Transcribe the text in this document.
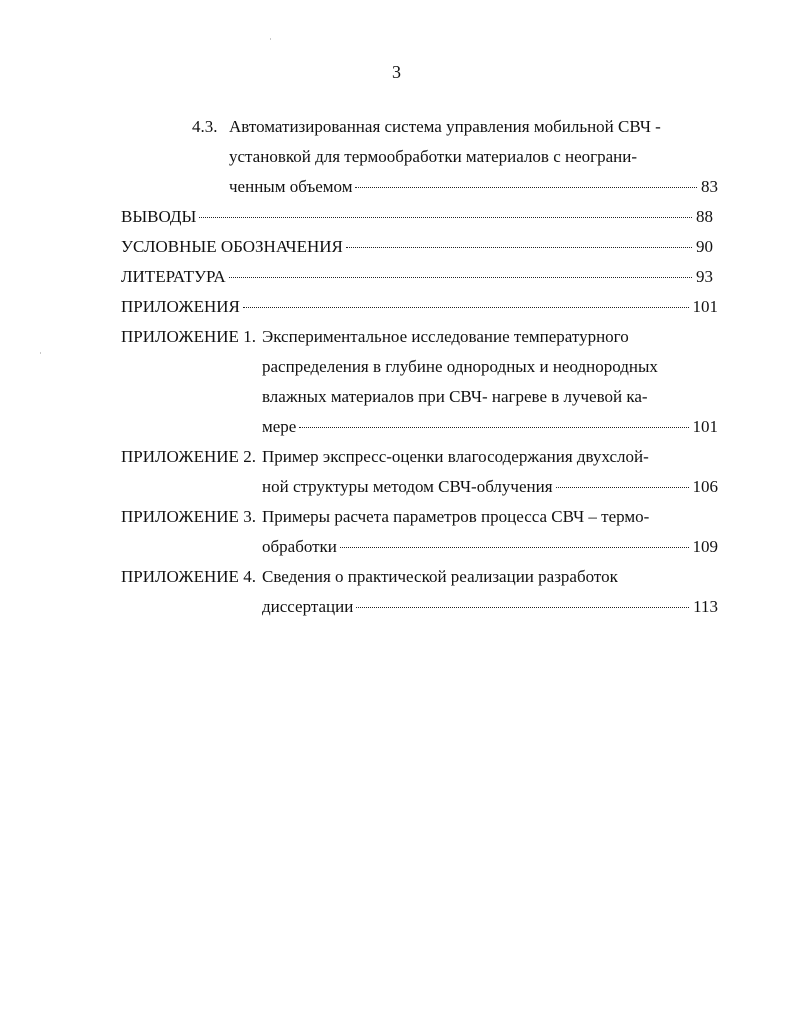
3
4.3. Автоматизированная система управления мобильной СВЧ -
установкой для термообработки материалов с неограни-
ченным объемом	83
ВЫВОДЫ	88
УСЛОВНЫЕ ОБОЗНАЧЕНИЯ	90
ЛИТЕРАТУРА	93
ПРИЛОЖЕНИЯ	101
ПРИЛОЖЕНИЕ 1. Экспериментальное исследование температурного
распределения в глубине однородных и неоднородных
влажных материалов при СВЧ- нагреве в лучевой ка-
мере	101
ПРИЛОЖЕНИЕ 2. Пример экспресс-оценки влагосодержания двухслой-
ной структуры методом СВЧ-облучения	106
ПРИЛОЖЕНИЕ 3. Примеры расчета параметров процесса СВЧ – термо-
обработки	109
ПРИЛОЖЕНИЕ 4. Сведения о практической реализации разработок
диссертации	113
